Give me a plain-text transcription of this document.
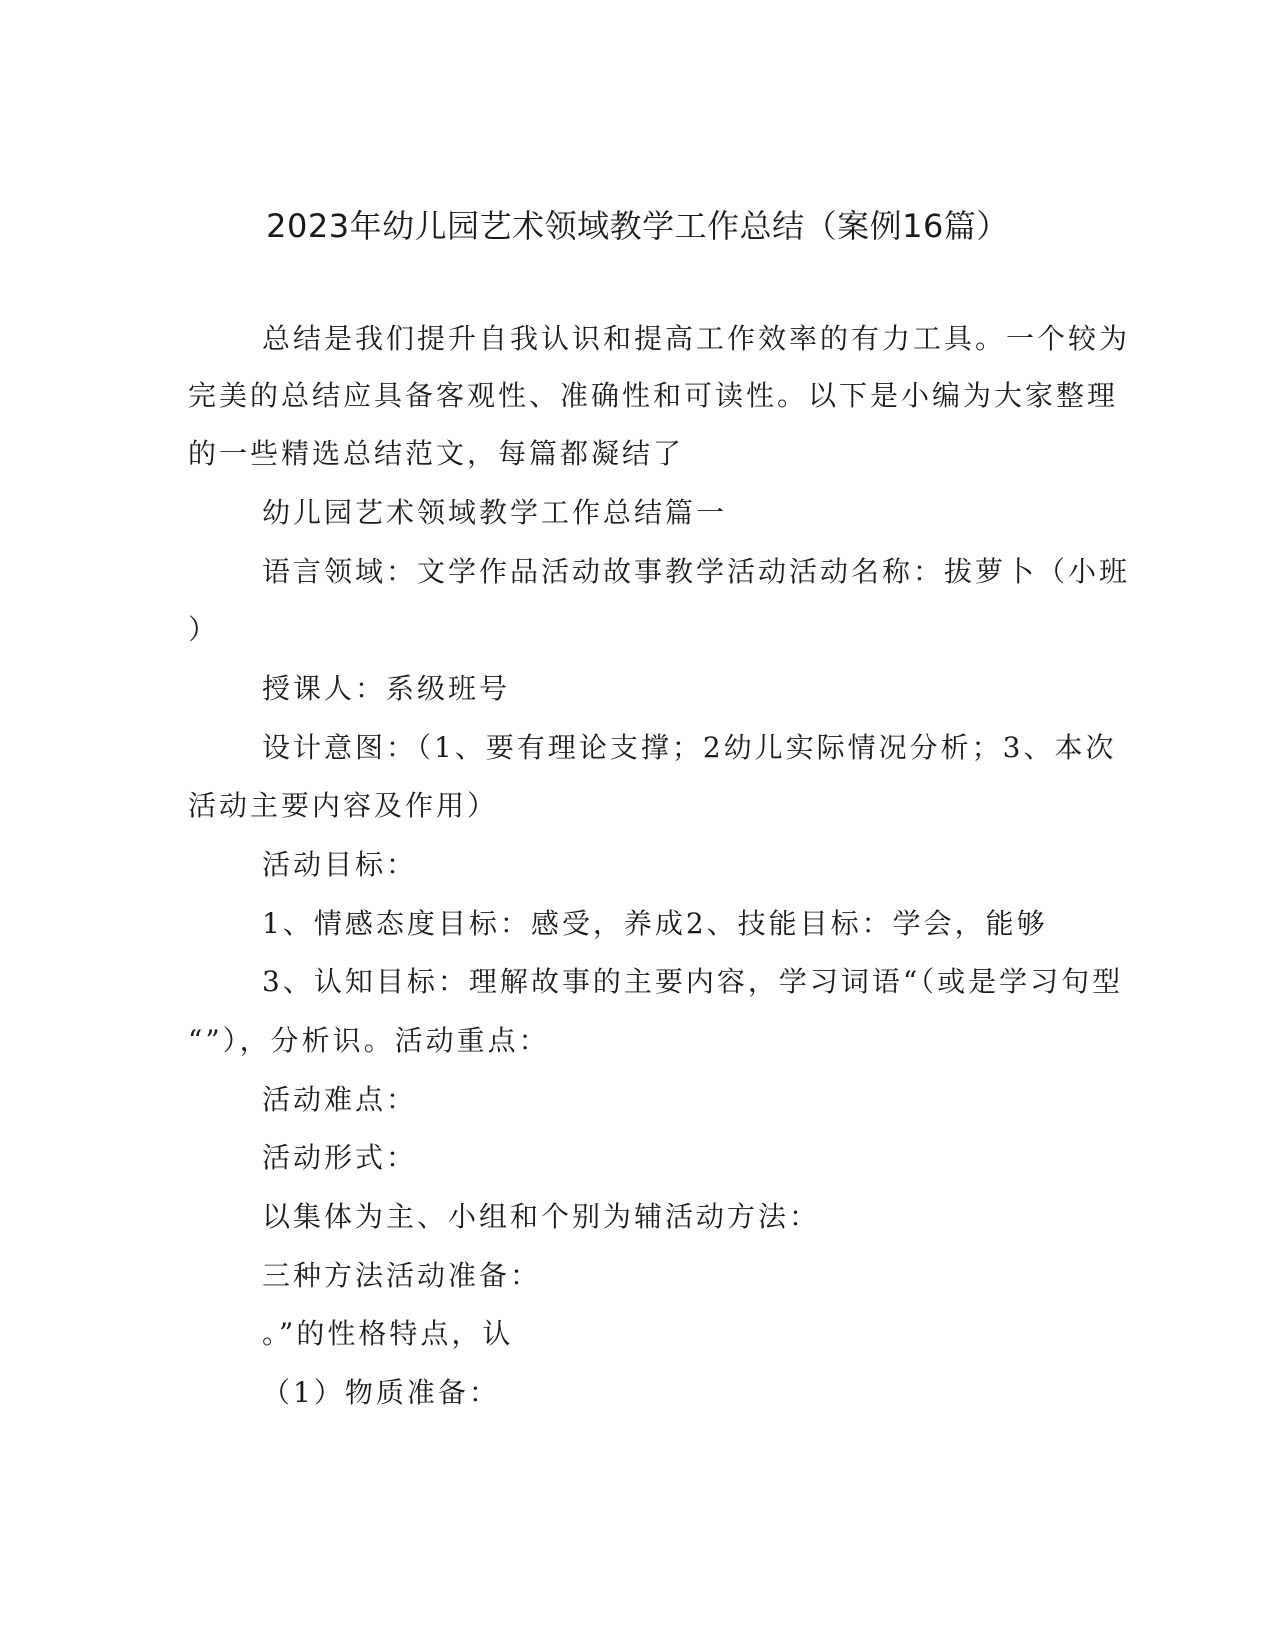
2023年幼儿园艺术领域教学工作总结（案例16篇）

总结是我们提升自我认识和提高工作效率的有力工具。一个较为

完美的总结应具备客观性、准确性和可读性。以下是小编为大家整理

的一些精选总结范文，每篇都凝结了

幼儿园艺术领域教学工作总结篇一

语言领域：文学作品活动故事教学活动活动名称：拔萝卜（小班

）

授课人：系级班号

设计意图：（1、要有理论支撑；2幼儿实际情况分析；3、本次

活动主要内容及作用）

活动目标：

1、情感态度目标：感受，养成2、技能目标：学会，能够

3、认知目标：理解故事的主要内容，学习词语“（或是学习句型

“”），分析识。活动重点：

活动难点：

活动形式：

以集体为主、小组和个别为辅活动方法：

三种方法活动准备：

。”的性格特点，认

（1）物质准备：
